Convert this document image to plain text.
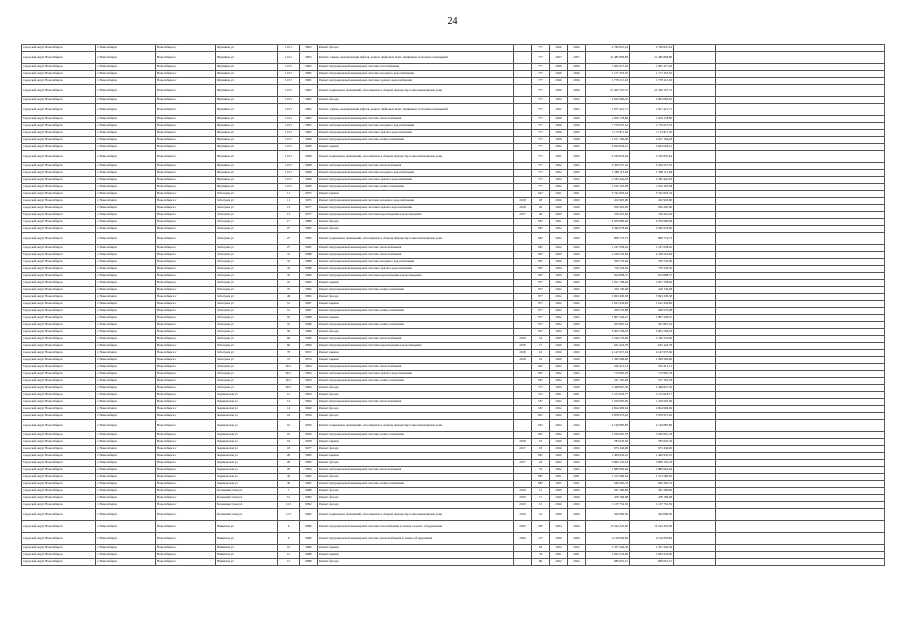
24
городской округ Новосибирск	г. Новосибирск	Новосибирск г	Шукшина ул	112/1	9963	Ремонт фасада		777	2026	2026	2 760 847,24	2 760 847,24		
городской округ Новосибирск	г. Новосибирск	Новосибирск г	Шукшина ул	112/1	9963	Ремонт, замена, модернизация лифтов, ремонт лифтовых шахт, машинных и блочных помещений		777	2027	2027	21 485 806,89	21 485 806,89		
городской округ Новосибирск	г. Новосибирск	Новосибирск г	Шукшина ул	113/1	9965	Ремонт внутридомовой инженерной системы газоснабжения		777	2026	2026	1 905 477,26	1 905 477,26		
городской округ Новосибирск	г. Новосибирск	Новосибирск г	Шукшина ул	113/1	9965	Ремонт внутридомовой инженерной системы холодного водоснабжения		777	2026	2026	1 177 353,55	1 177 353,55		
городской округ Новосибирск	г. Новосибирск	Новосибирск г	Шукшина ул	113/1	9965	Ремонт внутридомовой инженерной системы горячего водоснабжения		777	2026	2026	1 778 115,63	1 778 115,63		
городской округ Новосибирск	г. Новосибирск	Новосибирск г	Шукшина ул	113/1	9965	Ремонт подвальных помещений, относящихся к общему имуществу в многоквартирном доме		777	2026	2026	21 456 767,72	21 456 767,72		
городской округ Новосибирск	г. Новосибирск	Новосибирск г	Шукшина ул	113/1	9965	Ремонт фасада		777	2022	2022	2 843 060,65	2 843 060,65		
городской округ Новосибирск	г. Новосибирск	Новосибирск г	Шукшина ул	113/1	9965	Ремонт, замена, модернизация лифтов, ремонт лифтовых шахт, машинных и блочных помещений		777	2022	2022	1 657 421,71	1 657 421,71		
городской округ Новосибирск	г. Новосибирск	Новосибирск г	Шукшина ул	113/1	9965	Ремонт внутридомовой инженерной системы теплоснабжения		777	2026	2026	1 959 178,86	1 959 178,86		
городской округ Новосибирск	г. Новосибирск	Новосибирск г	Шукшина ул	113/1	9965	Ремонт внутридомовой инженерной системы холодного водоснабжения		777	2026	2026	1 776 675,53	1 776 675,53		
городской округ Новосибирск	г. Новосибирск	Новосибирск г	Шукшина ул	113/1	9965	Ремонт внутридомовой инженерной системы горячего водоснабжения		777	2026	2026	1 173 811,56	1 173 811,56		
городской округ Новосибирск	г. Новосибирск	Новосибирск г	Шукшина ул	115/1	9968	Ремонт внутридомовой инженерной системы электроснабжения		777	2026	2026	1 617 184,48	1 617 184,48		
городской округ Новосибирск	г. Новосибирск	Новосибирск г	Шукшина ул	115/1	9968	Ремонт крыши		777	2022	2022	2 844 004,41	2 844 004,41		
городской округ Новосибирск	г. Новосибирск	Новосибирск г	Шукшина ул	115/1	9968	Ремонт подвальных помещений, относящихся к общему имуществу в многоквартирном доме		777	2022	2022	2 169 832,64	2 169 832,64		
городской округ Новосибирск	г. Новосибирск	Новосибирск г	Шукшина ул	115/1	9968	Ремонт внутридомовой инженерной системы теплоснабжения		777	2022	2022	3 459 257,32	3 459 257,32		
городской округ Новосибирск	г. Новосибирск	Новосибирск г	Шукшина ул	115/1	9968	Ремонт внутридомовой инженерной системы холодного водоснабжения		777	2022	2022	1 388 113,48	1 388 113,48		
городской округ Новосибирск	г. Новосибирск	Новосибирск г	Шукшина ул	115/1	9968	Ремонт внутридомовой инженерной системы горячего водоснабжения		777	2022	2022	1 782 442,93	1 782 442,93		
городской округ Новосибирск	г. Новосибирск	Новосибирск г	Шукшина ул	115/1	9968	Ремонт внутридомовой инженерной системы электроснабжения		777	2022	2022	1 619 163,08	1 619 163,08		
городской округ Новосибирск	г. Новосибирск	Новосибирск г	Забалуева ул	11	9975	Ремонт крыши		647	2021	2021	5 742 693,34	5 742 693,34		
городской округ Новосибирск	г. Новосибирск	Новосибирск г	Забалуева ул	11	9975	Ремонт внутридомовой инженерной системы холодного водоснабжения	2018	28	2020	2020	452 995,90	452 995,90		
городской округ Новосибирск	г. Новосибирск	Новосибирск г	Забалуева ул	13	9977	Ремонт внутридомовой инженерной системы горячего водоснабжения	2018	26	2020	2020	956 265,00	956 265,00		
городской округ Новосибирск	г. Новосибирск	Новосибирск г	Забалуева ул	13	9977	Ремонт внутридомовой инженерной системы водоотведения и водоотведения	2017	28	2020	2020	318 455,92	318 455,92		
городской округ Новосибирск	г. Новосибирск	Новосибирск г	Забалуева ул	17	9980	Ремонт фасада		667	2021	2021	4 979 980,48	4 979 980,48		
городской округ Новосибирск	г. Новосибирск	Новосибирск г	Забалуева ул	27	9985	Ремонт фасада		687	2022	2022	2 296 978,09	2 296 978,09		
городской округ Новосибирск	г. Новосибирск	Новосибирск г	Забалуева ул	27	9985	Ремонт подвальных помещений, относящихся к общему имуществу в многоквартирном доме		687	2022	2022	808 774,75	808 774,75		
городской округ Новосибирск	г. Новосибирск	Новосибирск г	Забалуева ул	27	9985	Ремонт внутридомовой инженерной системы теплоснабжения		687	2022	2022	1 167 658,42	1 167 658,42		
городской округ Новосибирск	г. Новосибирск	Новосибирск г	Забалуева ул	31	9988	Ремонт внутридомовой инженерной системы теплоснабжения		807	2020	2020	2 228 552,84	2 228 552,84		
городской округ Новосибирск	г. Новосибирск	Новосибирск г	Забалуева ул	33	9988	Ремонт внутридомовой инженерной системы холодного водоснабжения		807	2020	2020	358 745,09	358 745,09		
городской округ Новосибирск	г. Новосибирск	Новосибирск г	Забалуева ул	33	9988	Ремонт внутридомовой инженерной системы горячего водоснабжения		807	2020	2020	776 256,39	776 256,39		
городской округ Новосибирск	г. Новосибирск	Новосибирск г	Забалуева ул	35	9990	Ремонт внутридомовой инженерной системы водоотведения и водоотведения		807	2020	2020	814 808,37	814 808,37		
городской округ Новосибирск	г. Новосибирск	Новосибирск г	Забалуева ул	47	9992	Ремонт крыши		877	2022	2022	1 817 708,46	1 817 708,46		
городской округ Новосибирск	г. Новосибирск	Новосибирск г	Забалуева ул	47	9992	Ремонт внутридомовой инженерной системы электроснабжения		877	2022	2022	418 130,48	418 130,48		
городской округ Новосибирск	г. Новосибирск	Новосибирск г	Забалуева ул	49	9995	Ремонт фасада		877	2022	2022	3 843 200,58	3 843 200,58		
городской округ Новосибирск	г. Новосибирск	Новосибирск г	Забалуева ул	51	9997	Ремонт крыши		877	2022	2022	1 612 434,82	1 612 434,82		
городской округ Новосибирск	г. Новосибирск	Новосибирск г	Забалуева ул	51	9997	Ремонт внутридомовой инженерной системы электроснабжения		877	2022	2022	458 570,98	458 570,98		
городской округ Новосибирск	г. Новосибирск	Новосибирск г	Забалуева ул	55	9998	Ремонт крыши		877	2022	2022	1 807 246,47	1 807 246,47		
городской округ Новосибирск	г. Новосибирск	Новосибирск г	Забалуева ул	55	9998	Ремонт внутридомовой инженерной системы электроснабжения		877	2022	2022	505 881,32	505 881,32		
городской округ Новосибирск	г. Новосибирск	Новосибирск г	Забалуева ул	59	9999	Ремонт фасада		877	2022	2022	5 903 706,03	5 903 706,03		
городской округ Новосибирск	г. Новосибирск	Новосибирск г	Забалуева ул	66	9999	Ремонт внутридомовой инженерной системы теплоснабжения	2018	18	2020	2020	1 199 270,60	1 199 270,60		
городской округ Новосибирск	г. Новосибирск	Новосибирск г	Забалуева ул	66	9999	Ремонт внутридомовой инженерной системы водоотведения и водоотведения	2018	17	2020	2020	625 424,78	625 424,78		
городской округ Новосибирск	г. Новосибирск	Новосибирск г	Забалуева ул	70	9972	Ремонт крыши	2018	16	2020	2020	4 147 657,94	4 147 657,94		
городской округ Новосибирск	г. Новосибирск	Новосибирск г	Забалуева ул	72	9974	Ремонт крыши	2018	16	2020	2020	1 299 566,60	1 299 566,60		
городской округ Новосибирск	г. Новосибирск	Новосибирск г	Забалуева ул	90/1	9994	Ремонт внутридомовой инженерной системы теплоснабжения		847	2022	2022	529 413,12	529 413,12		
городской округ Новосибирск	г. Новосибирск	Новосибирск г	Забалуева ул	90/1	9994	Ремонт внутридомовой инженерной системы горячего водоснабжения		847	2022	2022	713 805,78	713 805,78		
городской округ Новосибирск	г. Новосибирск	Новосибирск г	Забалуева ул	90/1	9994	Ремонт внутридомовой инженерной системы электроснабжения		847	2022	2022	197 181,28	197 181,28		
городской округ Новосибирск	г. Новосибирск	Новосибирск г	Забалуева ул	90/1	9994	Ремонт фасада		777	2020	2020	1 448 827,30	1 448 827,30		
городской округ Новосибирск	г. Новосибирск	Новосибирск г	Зыряновская ул	12	9994	Ремонт фасада		557	2021	2021	1 213 618,77	1 213 618,77		
городской округ Новосибирск	г. Новосибирск	Новосибирск г	Зыряновская ул	12	9994	Ремонт внутридомовой инженерной системы теплоснабжения		557	2022	2022	1 259 605,09	1 259 605,09		
городской округ Новосибирск	г. Новосибирск	Новосибирск г	Зыряновская ул	14	9949	Ремонт фасада		567	2022	2022	2 844 990,94	2 844 990,94		
городской округ Новосибирск	г. Новосибирск	Новосибирск г	Зыряновская ул	16	9956	Ремонт фасада		827	2022	2022	3 878 975,42	3 878 975,42		
городской округ Новосибирск	г. Новосибирск	Новосибирск г	Зыряновская ул	16	9956	Ремонт подвальных помещений, относящихся к общему имуществу в многоквартирном доме		827	2022	2022	2 149 885,80	2 149 885,80		
городской округ Новосибирск	г. Новосибирск	Новосибирск г	Зыряновская ул	16	9956	Ремонт внутридомовой инженерной системы электроснабжения		827	2022	2022	1 639 691,78	1 639 691,78		
городской округ Новосибирск	г. Новосибирск	Новосибирск г	Зыряновская ул	16	9958	Ремонт крыши	2018	16	2020	2020	783 645,36	783 645,36		
городской округ Новосибирск	г. Новосибирск	Новосибирск г	Зыряновская ул	18	9977	Ремонт фасада	2017	18	2020	2020	675 346,00	675 346,00		
городской округ Новосибирск	г. Новосибирск	Новосибирск г	Зыряновская ул	28	9985	Ремонт крыши		897	2022	2022	1 409 935,25	1 409 935,25		
городской округ Новосибирск	г. Новосибирск	Новосибирск г	Зыряновская ул	28	9985	Ремонт фасада	2017	18	2022	2022	3 898 135,18	3 898 135,18		
городской округ Новосибирск	г. Новосибирск	Новосибирск г	Зыряновская ул	29	9994	Ремонт внутридомовой инженерной системы теплоснабжения		78	2022	2022	1 889 904,94	1 889 904,94		
городской округ Новосибирск	г. Новосибирск	Новосибирск г	Зыряновская ул	30	9995	Ремонт фасада		887	2021	2021	1 513 580,02	1 513 580,02		
городской округ Новосибирск	г. Новосибирск	Новосибирск г	Зыряновская ул	30	9995	Ремонт внутридомовой инженерной системы электроснабжения		887	2021	2021	649 395,33	649 395,33		
городской округ Новосибирск	г. Новосибирск	Новосибирск г	Большевистская ул	7	9988	Ремонт фасада	2019	15	2020	2020	501 580,80	501 580,80		
городской округ Новосибирск	г. Новосибирск	Новосибирск г	Большевистская ул	7/1	9990	Ремонт фасада	2019	17	2020	2020	478 186,08	478 186,08		
городской округ Новосибирск	г. Новосибирск	Новосибирск г	Большевистская ул	11/1	9992	Ремонт фасада	2019	15	2020	2020	1 137 752,59	1 137 752,59		
городской округ Новосибирск	г. Новосибирск	Новосибирск г	Большевистская ул	11/1	9992	Ремонт подвальных помещений, относящихся к общему имуществу в многоквартирном доме	2019	16	2020	2020	364 080,30	364 080,30		
городской округ Новосибирск	г. Новосибирск	Новосибирск г	Никитина ул	6	9980	Ремонт внутридомовой инженерной системы газоснабжения и замена газового оборудования	2020	287	2024	2024	15 244 323,00	15 244 323,00		
городской округ Новосибирск	г. Новосибирск	Новосибирск г	Никитина ул	6	9980	Ремонт внутридомовой инженерной системы теплоснабжения и замена оборудования	2020	13*	2020	2020	4 116 859,84	4 116 859,84		
городской округ Новосибирск	г. Новосибирск	Новосибирск г	Никитина ул	10	9986	Ремонт крыши		63	2022	2022	1 357 204,39	1 357 204,39		
городской округ Новосибирск	г. Новосибирск	Новосибирск г	Никитина ул	12	9988	Ремонт крыши		79	2021	2021	1 843 243,00	1 843 243,00		
городской округ Новосибирск	г. Новосибирск	Новосибирск г	Никитина ул	12	9988	Ремонт фасада		69	2022	2022	689 001,15	689 001,15		
